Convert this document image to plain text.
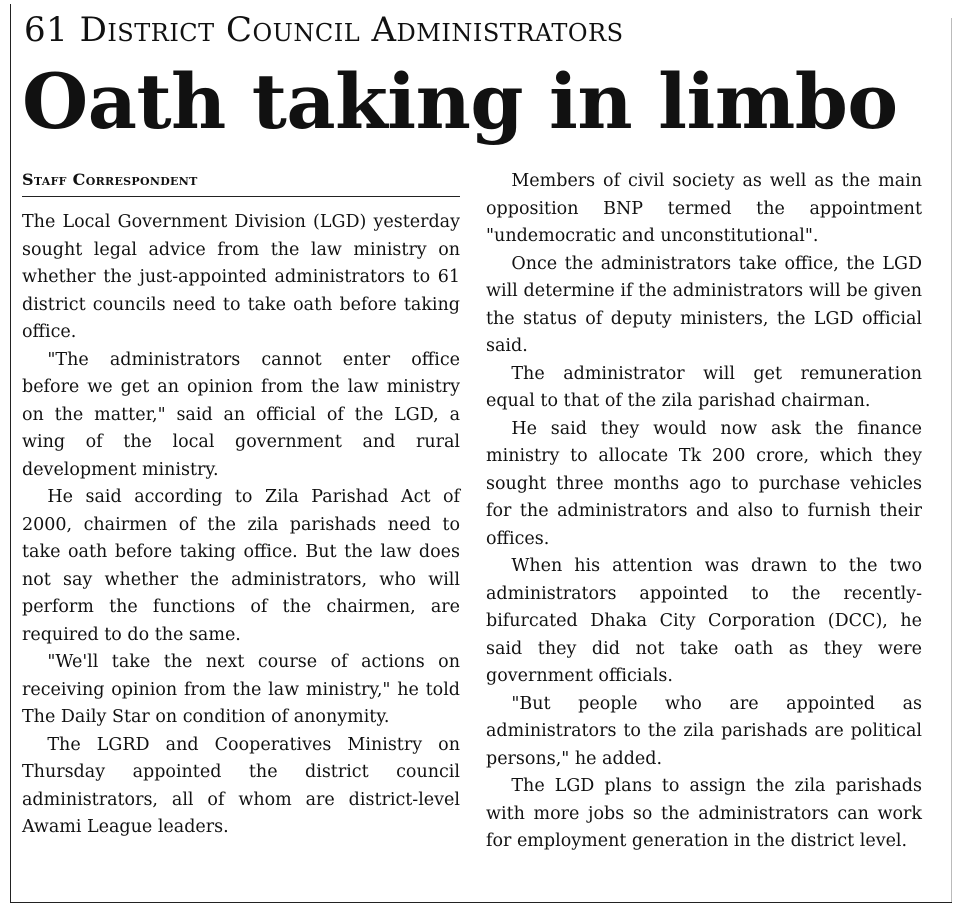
61 District Council Administrators
Oath taking in limbo
Staff Correspondent

The Local Government Division (LGD) yesterday sought legal advice from the law ministry on whether the just-appointed administrators to 61 district councils need to take oath before taking office.

"The administrators cannot enter office before we get an opinion from the law ministry on the matter," said an official of the LGD, a wing of the local government and rural development ministry.

He said according to Zila Parishad Act of 2000, chairmen of the zila parishads need to take oath before taking office. But the law does not say whether the administrators, who will perform the functions of the chairmen, are required to do the same.

"We'll take the next course of actions on receiving opinion from the law ministry," he told The Daily Star on condition of anonymity.

The LGRD and Cooperatives Ministry on Thursday appointed the district council administrators, all of whom are district-level Awami League leaders.

Members of civil society as well as the main opposition BNP termed the appointment "undemocratic and unconstitutional".

Once the administrators take office, the LGD will determine if the administrators will be given the status of deputy ministers, the LGD official said.

The administrator will get remuneration equal to that of the zila parishad chairman.

He said they would now ask the finance ministry to allocate Tk 200 crore, which they sought three months ago to purchase vehicles for the administrators and also to furnish their offices.

When his attention was drawn to the two administrators appointed to the recently-bifurcated Dhaka City Corporation (DCC), he said they did not take oath as they were government officials.

"But people who are appointed as administrators to the zila parishads are political persons," he added.

The LGD plans to assign the zila parishads with more jobs so the administrators can work for employment generation in the district level.
